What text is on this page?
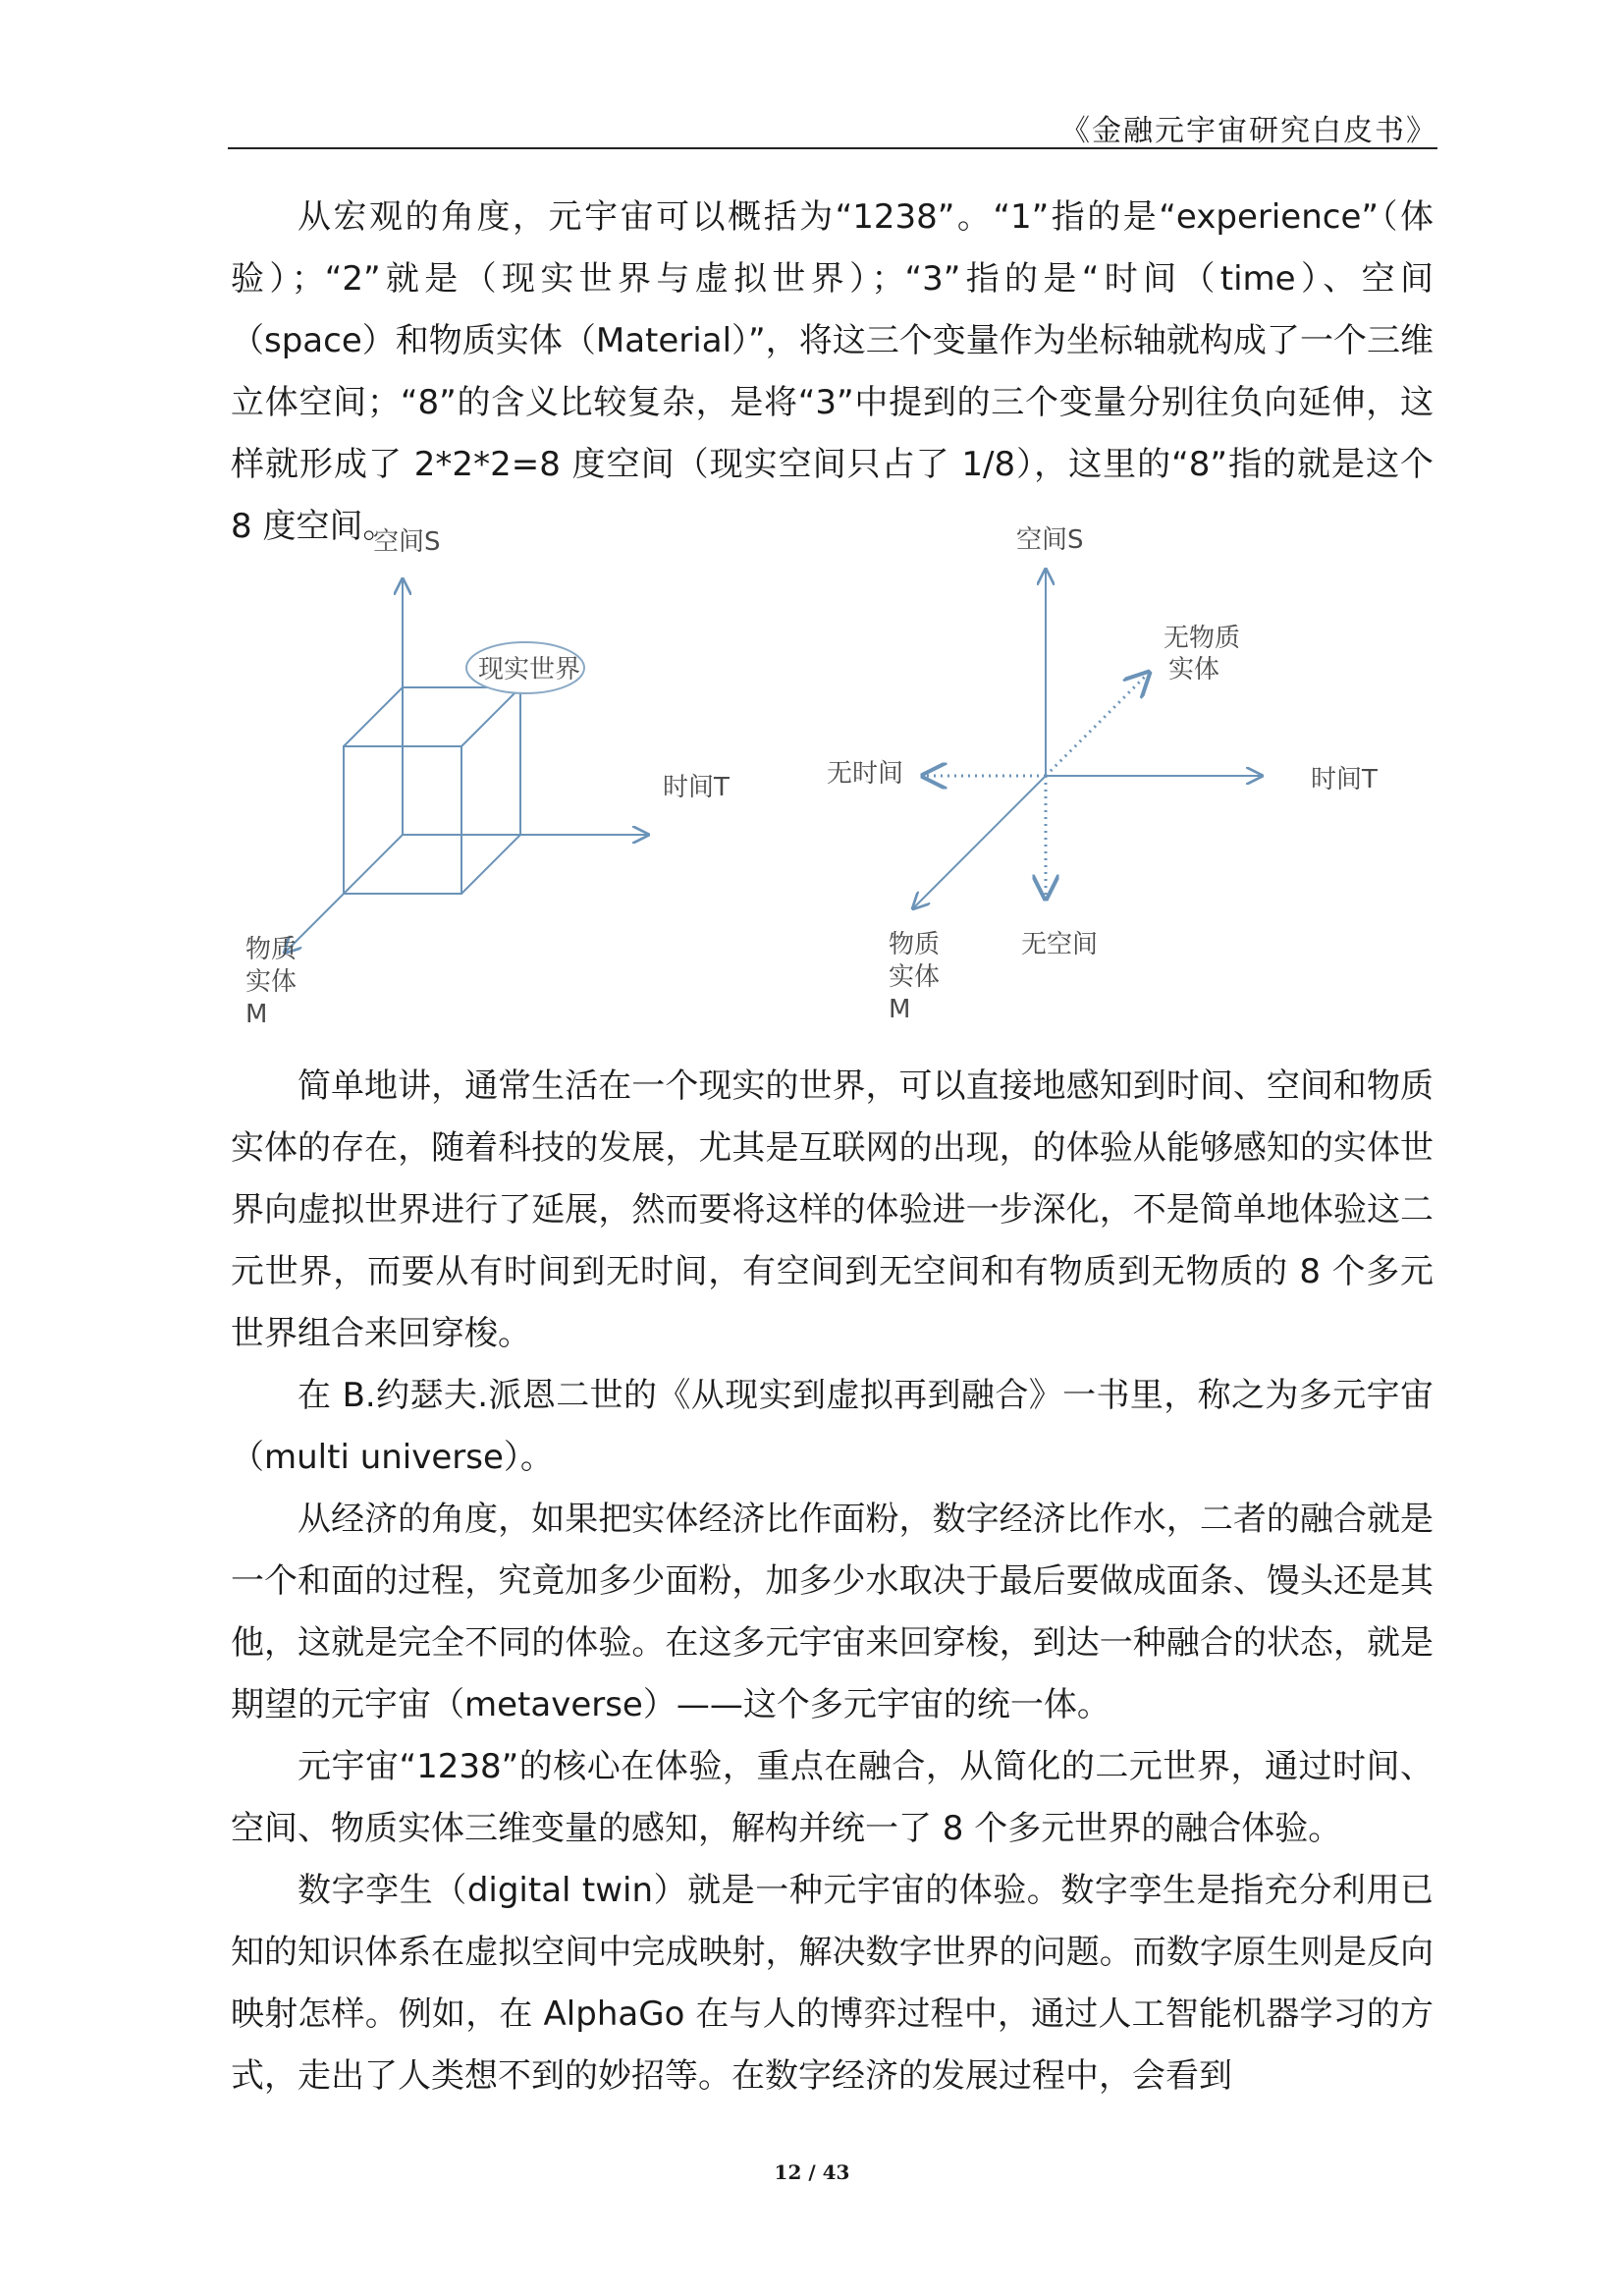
《金融元宇宙研究白皮书》

从宏观的角度，元宇宙可以概括为“1238”。“1”指的是“experience”（体验）；“2”就是（现实世界与虚拟世界）；“3”指的是“时间（time）、空间（space）和物质实体（Material）”，将这三个变量作为坐标轴就构成了一个三维立体空间；“8”的含义比较复杂，是将“3”中提到的三个变量分别往负向延伸，这样就形成了 2*2*2=8 度空间（现实空间只占了 1/8），这里的“8”指的就是这个 8 度空间。

空间S
时间T
现实世界
物质
实体
M
空间S
时间T
无时间
无空间
无物质
实体
物质
实体
M

简单地讲，通常生活在一个现实的世界，可以直接地感知到时间、空间和物质实体的存在，随着科技的发展，尤其是互联网的出现，的体验从能够感知的实体世界向虚拟世界进行了延展，然而要将这样的体验进一步深化，不是简单地体验这二元世界，而要从有时间到无时间，有空间到无空间和有物质到无物质的 8 个多元世界组合来回穿梭。

在 B.约瑟夫.派恩二世的《从现实到虚拟再到融合》一书里，称之为多元宇宙（multi universe）。

从经济的角度，如果把实体经济比作面粉，数字经济比作水，二者的融合就是一个和面的过程，究竟加多少面粉，加多少水取决于最后要做成面条、馒头还是其他，这就是完全不同的体验。在这多元宇宙来回穿梭，到达一种融合的状态，就是期望的元宇宙（metaverse）——这个多元宇宙的统一体。

元宇宙“1238”的核心在体验，重点在融合，从简化的二元世界，通过时间、空间、物质实体三维变量的感知，解构并统一了 8 个多元世界的融合体验。

数字孪生（digital twin）就是一种元宇宙的体验。数字孪生是指充分利用已知的知识体系在虚拟空间中完成映射，解决数字世界的问题。而数字原生则是反向映射怎样。例如，在 AlphaGo 在与人的博弈过程中，通过人工智能机器学习的方式，走出了人类想不到的妙招等。在数字经济的发展过程中，会看到

12 / 43
